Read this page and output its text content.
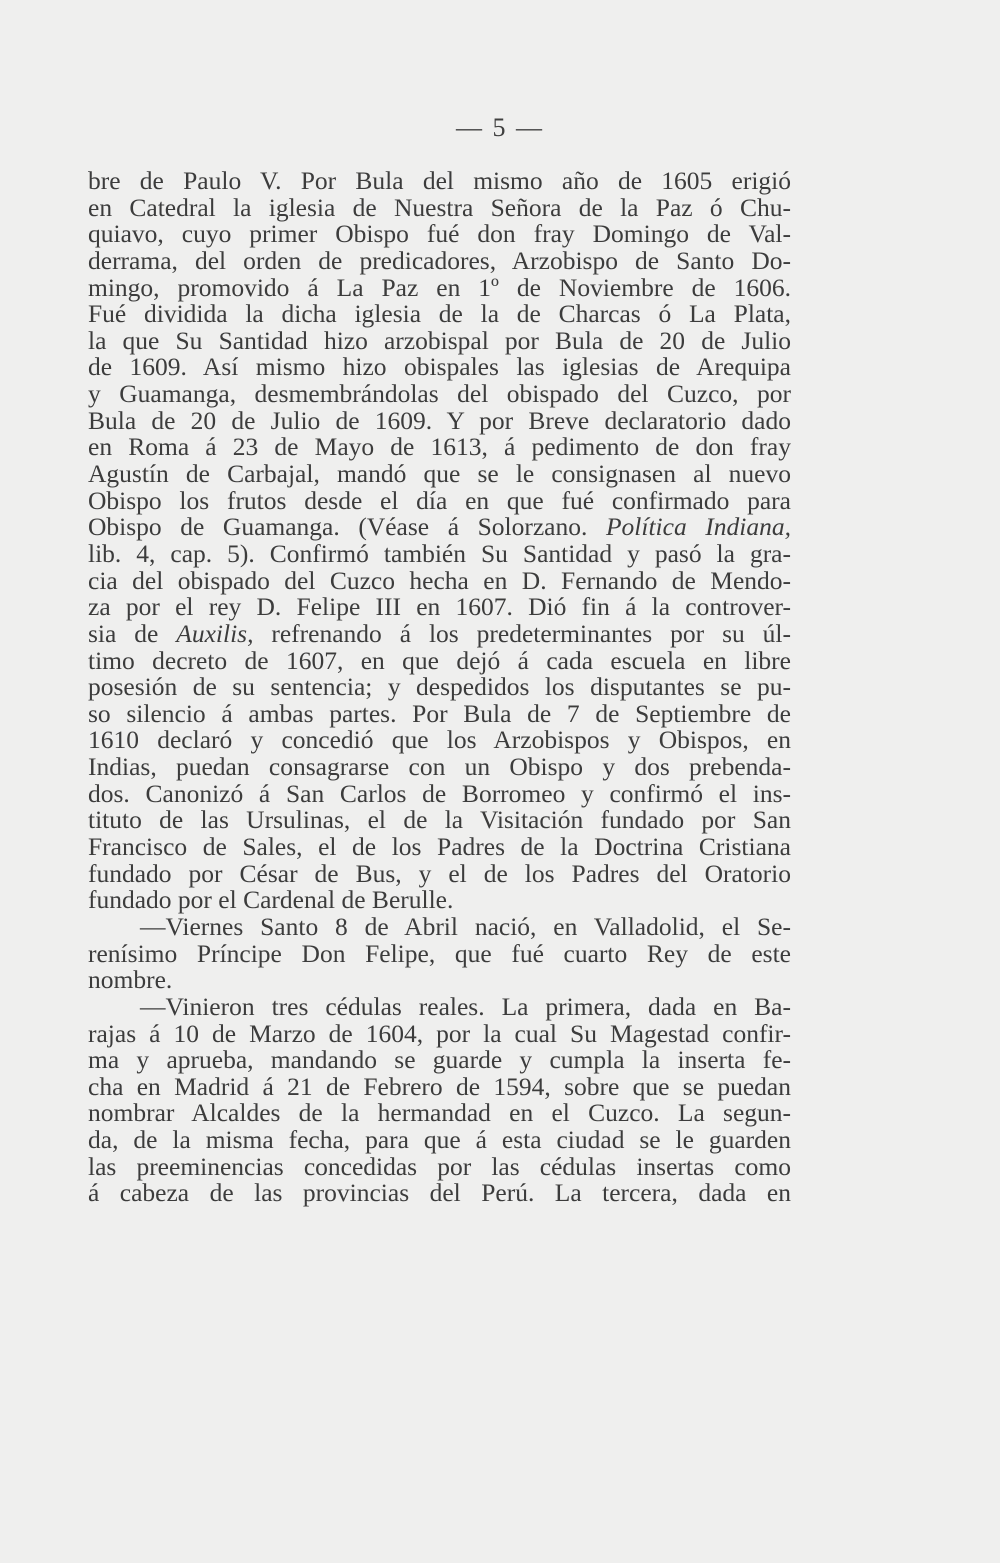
— 5 —
bre de Paulo V. Por Bula del mismo año de 1605 erigió
en Catedral la iglesia de Nuestra Señora de la Paz ó Chu-
quiavo, cuyo primer Obispo fué don fray Domingo de Val-
derrama, del orden de predicadores, Arzobispo de Santo Do-
mingo, promovido á La Paz en 1º de Noviembre de 1606.
Fué dividida la dicha iglesia de la de Charcas ó La Plata,
la que Su Santidad hizo arzobispal por Bula de 20 de Julio
de 1609. Así mismo hizo obispales las iglesias de Arequipa
y Guamanga, desmembrándolas del obispado del Cuzco, por
Bula de 20 de Julio de 1609. Y por Breve declaratorio dado
en Roma á 23 de Mayo de 1613, á pedimento de don fray
Agustín de Carbajal, mandó que se le consignasen al nuevo
Obispo los frutos desde el día en que fué confirmado para
Obispo de Guamanga. (Véase á Solorzano. Política Indiana,
lib. 4, cap. 5). Confirmó también Su Santidad y pasó la gra-
cia del obispado del Cuzco hecha en D. Fernando de Mendo-
za por el rey D. Felipe III en 1607. Dió fin á la controver-
sia de Auxilis, refrenando á los predeterminantes por su úl-
timo decreto de 1607, en que dejó á cada escuela en libre
posesión de su sentencia; y despedidos los disputantes se pu-
so silencio á ambas partes. Por Bula de 7 de Septiembre de
1610 declaró y concedió que los Arzobispos y Obispos, en
Indias, puedan consagrarse con un Obispo y dos prebenda-
dos. Canonizó á San Carlos de Borromeo y confirmó el ins-
tituto de las Ursulinas, el de la Visitación fundado por San
Francisco de Sales, el de los Padres de la Doctrina Cristiana
fundado por César de Bus, y el de los Padres del Oratorio
fundado por el Cardenal de Berulle.
—Viernes Santo 8 de Abril nació, en Valladolid, el Se-
renísimo Príncipe Don Felipe, que fué cuarto Rey de este
nombre.
—Vinieron tres cédulas reales. La primera, dada en Ba-
rajas á 10 de Marzo de 1604, por la cual Su Magestad confir-
ma y aprueba, mandando se guarde y cumpla la inserta fe-
cha en Madrid á 21 de Febrero de 1594, sobre que se puedan
nombrar Alcaldes de la hermandad en el Cuzco. La segun-
da, de la misma fecha, para que á esta ciudad se le guarden
las preeminencias concedidas por las cédulas insertas como
á cabeza de las provincias del Perú. La tercera, dada en
